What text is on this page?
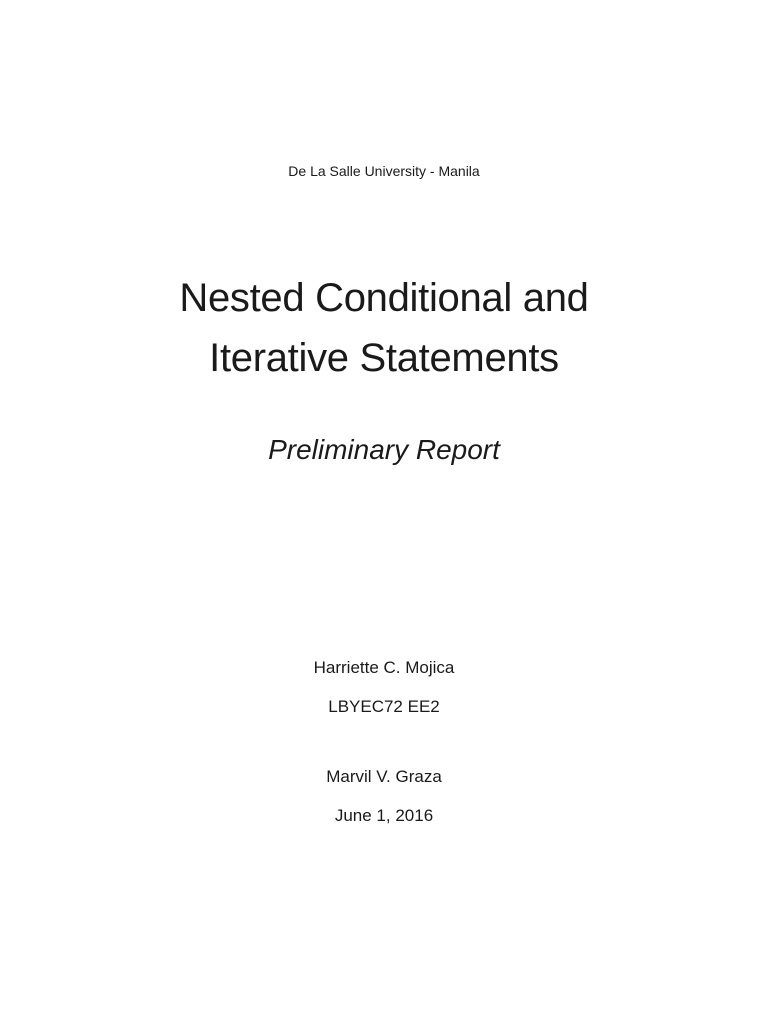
De La Salle University - Manila
Nested Conditional and
Iterative Statements
Preliminary Report
Harriette C. Mojica
LBYEC72 EE2
Marvil V. Graza
June 1, 2016
